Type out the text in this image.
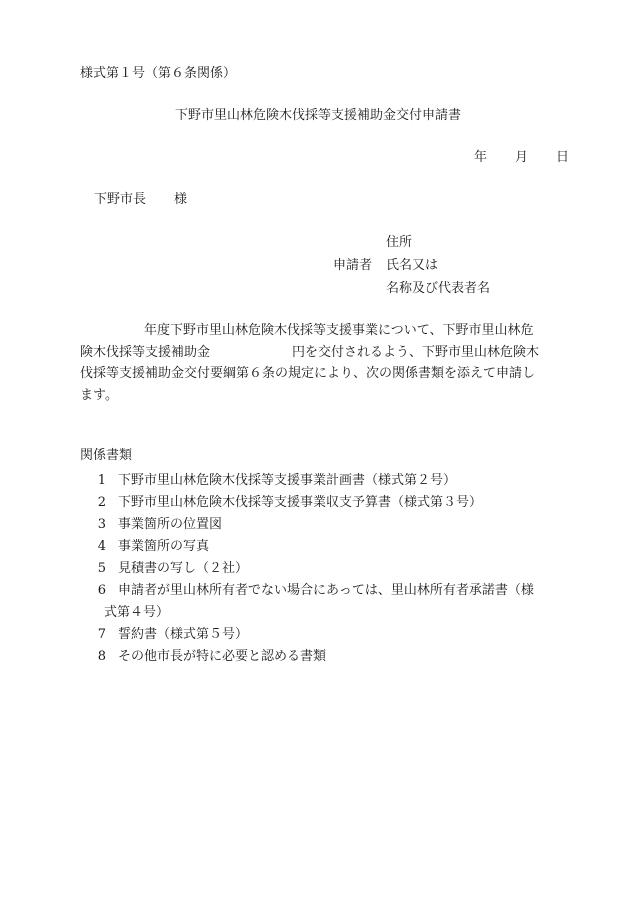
様式第１号（第６条関係）
下野市里山林危険木伐採等支援補助金交付申請書
年 月 日
下野市長 様
申請者
住所
氏名又は
名称及び代表者名
年度下野市里山林危険木伐採等支援事業について、下野市里山林危
険木伐採等支援補助金	円を交付されるよう、下野市里山林危険木
伐採等支援補助金交付要綱第６条の規定により、次の関係書類を添えて申請し
ます。
関係書類
1 下野市里山林危険木伐採等支援事業計画書（様式第２号）
2 下野市里山林危険木伐採等支援事業収支予算書（様式第３号）
3 事業箇所の位置図
4 事業箇所の写真
5 見積書の写し（２社）
6 申請者が里山林所有者でない場合にあっては、里山林所有者承諾書（様
式第４号）
7 誓約書（様式第５号）
8 その他市長が特に必要と認める書類
